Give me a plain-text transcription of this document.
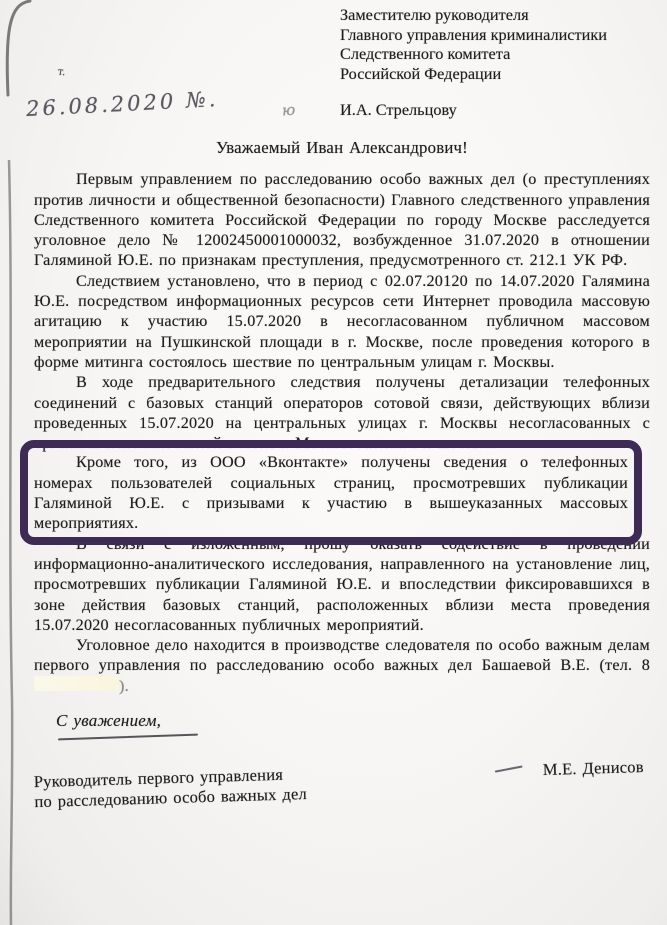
Заместителю руководителя
Главного управления криминалистики
Следственного комитета
Российской Федерации
И.А. Стрельцову
26.08.2020 №.	ю
т.

Уважаемый Иван Александрович!

Первым управлением по расследованию особо важных дел (о преступлениях против личности и общественной безопасности) Главного следственного управления Следственного комитета Российской Федерации по городу Москве расследуется уголовное дело № 12002450001000032, возбужденное 31.07.2020 в отношении Галяминой Ю.Е. по признакам преступления, предусмотренного ст. 212.1 УК РФ.

Следствием установлено, что в период с 02.07.20120 по 14.07.2020 Галямина Ю.Е. посредством информационных ресурсов сети Интернет проводила массовую агитацию к участию 15.07.2020 в несогласованном публичном массовом мероприятии на Пушкинской площади в г. Москве, после проведения которого в форме митинга состоялось шествие по центральным улицам г. Москвы.

В ходе предварительного следствия получены детализации телефонных соединений с базовых станций операторов сотовой связи, действующих вблизи проведенных 15.07.2020 на центральных улицах г. Москвы несогласованных с органами исполнительной власти г. Москвы митинга и шествия.

Кроме того, из ООО «Вконтакте» получены сведения о телефонных номерах пользователей социальных страниц, просмотревших публикации Галяминой Ю.Е. с призывами к участию в вышеуказанных массовых мероприятиях.

В связи с изложенным, прошу оказать содействие в проведении информационно-аналитического исследования, направленного на установление лиц, просмотревших публикации Галяминой Ю.Е. и впоследствии фиксировавшихся в зоне действия базовых станций, расположенных вблизи места проведения 15.07.2020 несогласованных публичных мероприятий.

Уголовное дело находится в производстве следователя по особо важным делам первого управления по расследованию особо важных дел Башаевой В.Е. (тел. 8).

С уважением,
Руководитель первого управления
по расследованию особо важных дел
М.Е. Денисов
